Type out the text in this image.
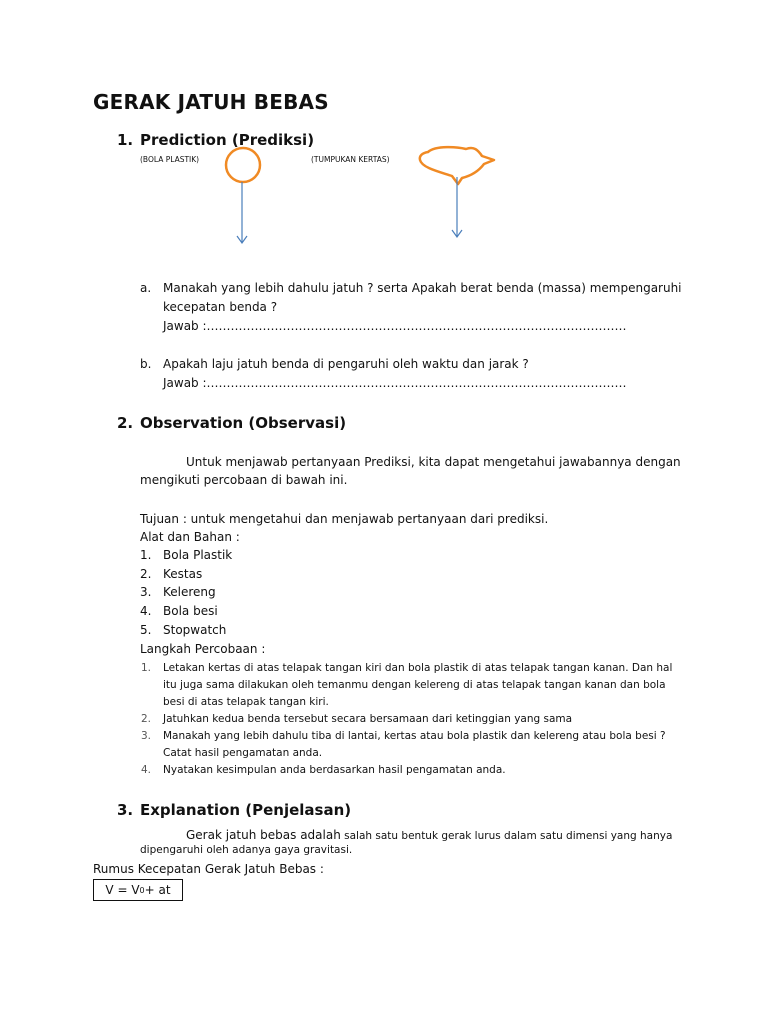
GERAK JATUH BEBAS
1. Prediction (Prediksi)
(BOLA PLASTIK)	(TUMPUKAN KERTAS)
a. Manakah yang lebih dahulu jatuh ? serta Apakah berat benda (massa) mempengaruhi
kecepatan benda ?
Jawab :……………………………………………………………………………………………
b. Apakah laju jatuh benda di pengaruhi oleh waktu dan jarak ?
Jawab :……………………………………………………………………………………………
2. Observation (Observasi)
Untuk menjawab pertanyaan Prediksi, kita dapat mengetahui jawabannya dengan
mengikuti percobaan di bawah ini.
Tujuan : untuk mengetahui dan menjawab pertanyaan dari prediksi.
Alat dan Bahan :
1. Bola Plastik
2. Kestas
3. Kelereng
4. Bola besi
5. Stopwatch
Langkah Percobaan :
1. Letakan kertas di atas telapak tangan kiri dan bola plastik di atas telapak tangan kanan. Dan hal
itu juga sama dilakukan oleh temanmu dengan kelereng di atas telapak tangan kanan dan bola
besi di atas telapak tangan kiri.
2. Jatuhkan kedua benda tersebut secara bersamaan dari ketinggian yang sama
3. Manakah yang lebih dahulu tiba di lantai, kertas atau bola plastik dan kelereng atau bola besi ?
Catat hasil pengamatan anda.
4. Nyatakan kesimpulan anda berdasarkan hasil pengamatan anda.
3. Explanation (Penjelasan)
Gerak jatuh bebas adalah salah satu bentuk gerak lurus dalam satu dimensi yang hanya
dipengaruhi oleh adanya gaya gravitasi.
Rumus Kecepatan Gerak Jatuh Bebas :
V = V 0 + at
